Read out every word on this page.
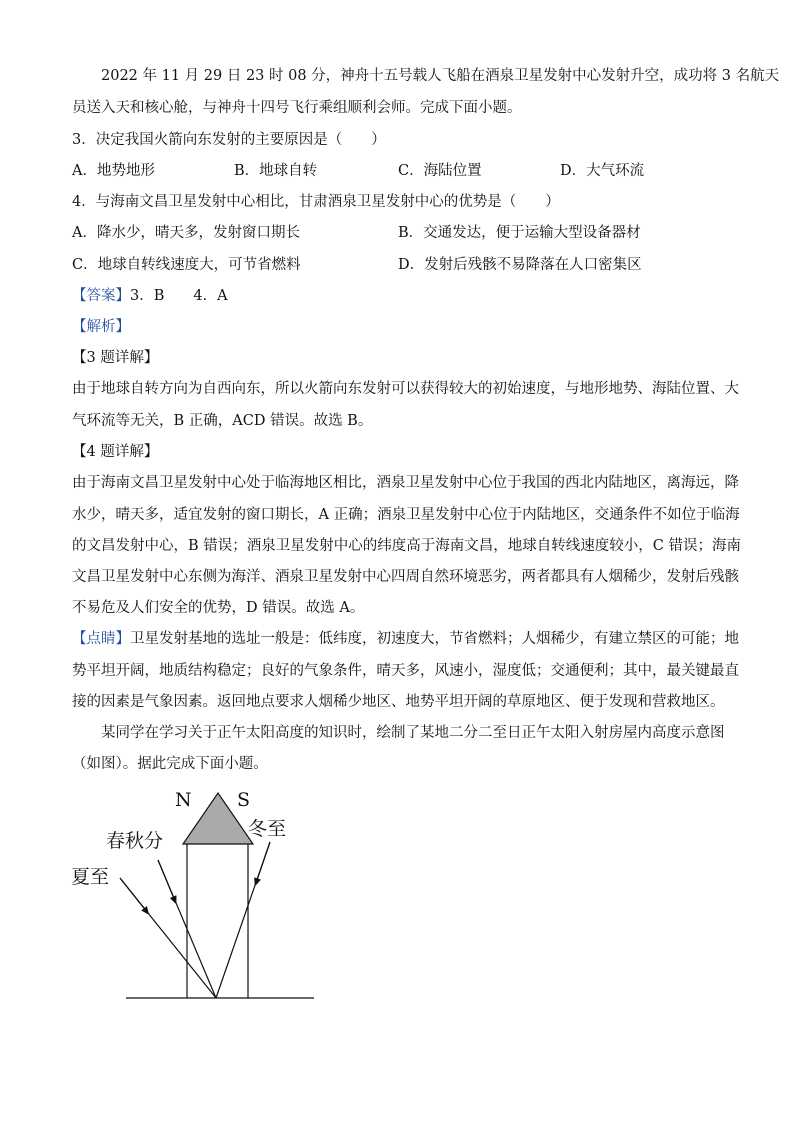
2022 年 11 月 29 日 23 时 08 分，神舟十五号载人飞船在酒泉卫星发射中心发射升空，成功将 3 名航天
员送入天和核心舱，与神舟十四号飞行乘组顺利会师。完成下面小题。
3．决定我国火箭向东发射的主要原因是（　　）
A．地势地形	B．地球自转	C．海陆位置	D．大气环流
4．与海南文昌卫星发射中心相比，甘肃酒泉卫星发射中心的优势是（　　）
A．降水少，晴天多，发射窗口期长	B．交通发达，便于运输大型设备器材
C．地球自转线速度大，可节省燃料	D．发射后残骸不易降落在人口密集区
【答案】3．B　　4．A
【解析】
【3 题详解】
由于地球自转方向为自西向东，所以火箭向东发射可以获得较大的初始速度，与地形地势、海陆位置、大
气环流等无关，B 正确，ACD 错误。故选 B。
【4 题详解】
由于海南文昌卫星发射中心处于临海地区相比，酒泉卫星发射中心位于我国的西北内陆地区，离海远，降
水少，晴天多，适宜发射的窗口期长，A 正确；酒泉卫星发射中心位于内陆地区，交通条件不如位于临海
的文昌发射中心，B 错误；酒泉卫星发射中心的纬度高于海南文昌，地球自转线速度较小，C 错误；海南
文昌卫星发射中心东侧为海洋、酒泉卫星发射中心四周自然环境恶劣，两者都具有人烟稀少，发射后残骸
不易危及人们安全的优势，D 错误。故选 A。
【点睛】卫星发射基地的选址一般是：低纬度，初速度大，节省燃料；人烟稀少，有建立禁区的可能；地
势平坦开阔，地质结构稳定；良好的气象条件，晴天多，风速小，湿度低；交通便利；其中，最关键最直
接的因素是气象因素。返回地点要求人烟稀少地区、地势平坦开阔的草原地区、便于发现和营救地区。
某同学在学习关于正午太阳高度的知识时，绘制了某地二分二至日正午太阳入射房屋内高度示意图
（如图）。据此完成下面小题。
N S
春秋分
冬至
夏至
